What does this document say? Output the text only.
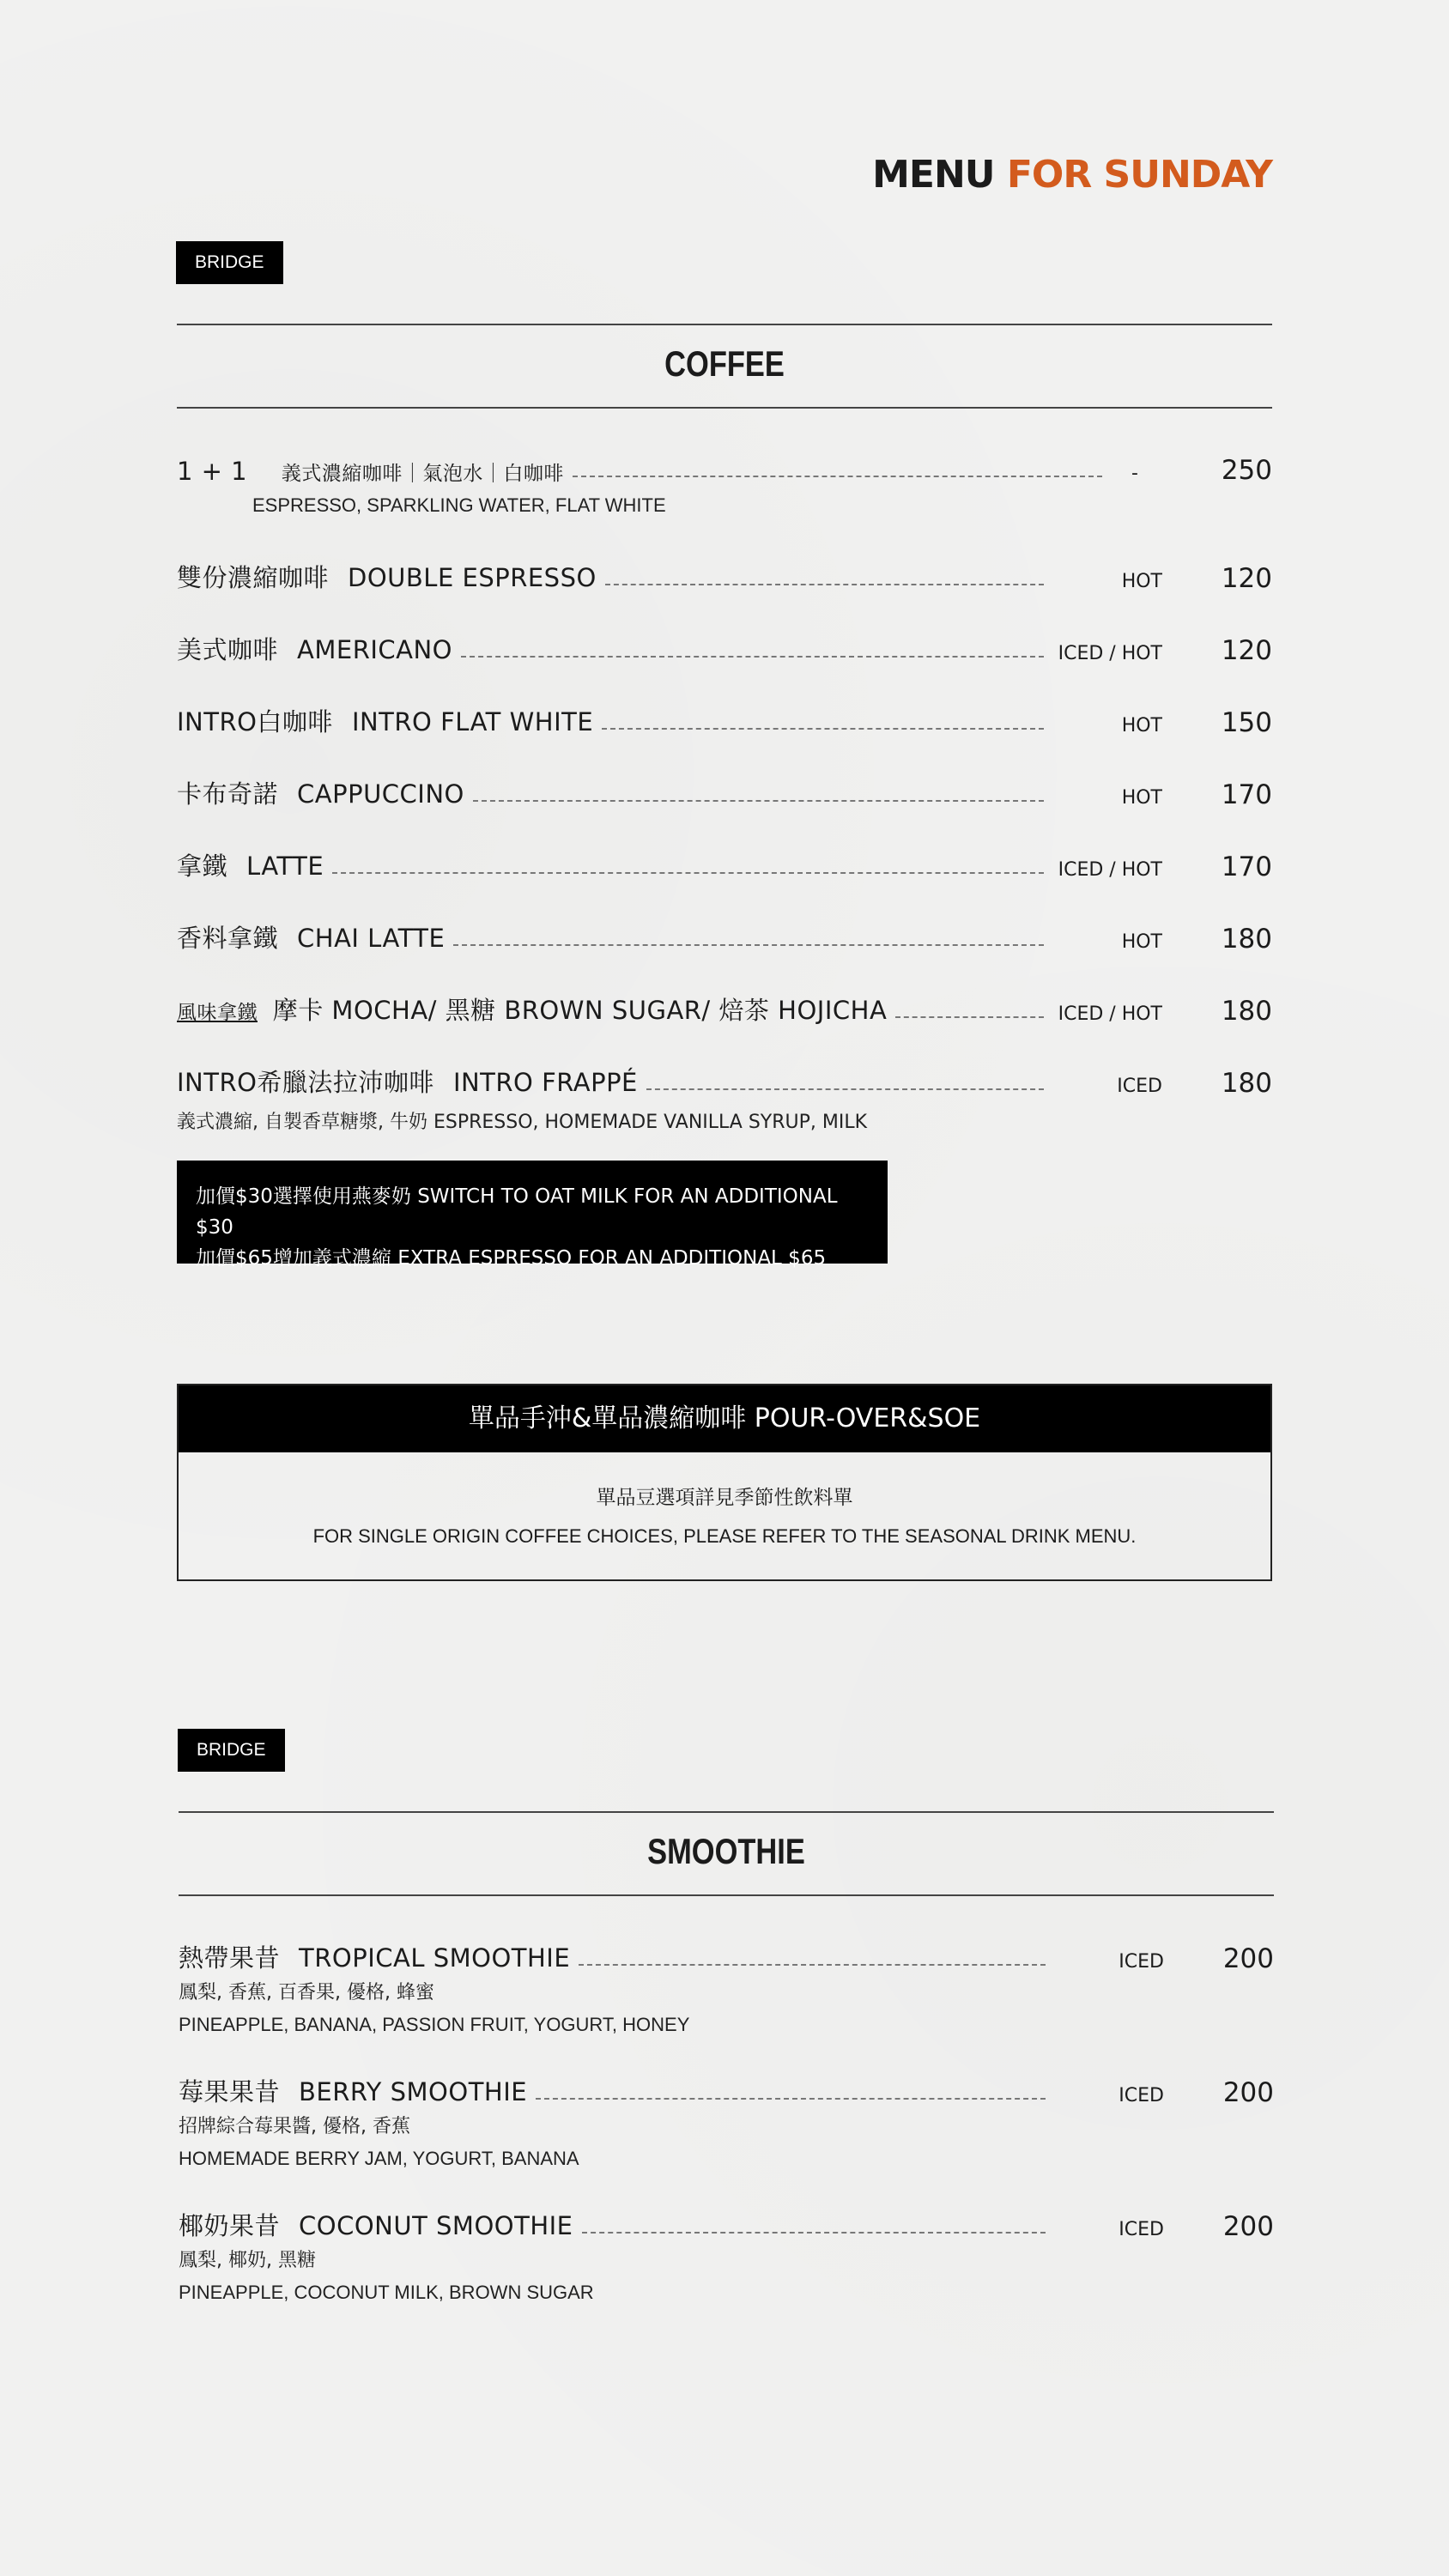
MENU FOR SUNDAY
BRIDGE
COFFEE
1 + 1 義式濃縮咖啡｜氣泡水｜白咖啡	-	250
ESPRESSO, SPARKLING WATER, FLAT WHITE
雙份濃縮咖啡 DOUBLE ESPRESSO	HOT	120
美式咖啡 AMERICANO	ICED / HOT	120
INTRO白咖啡 INTRO FLAT WHITE	HOT	150
卡布奇諾 CAPPUCCINO	HOT	170
拿鐵 LATTE	ICED / HOT	170
香料拿鐵 CHAI LATTE	HOT	180
風味拿鐵 摩卡 MOCHA/ 黑糖 BROWN SUGAR/ 焙茶 HOJICHA	ICED / HOT	180
INTRO希臘法拉沛咖啡 INTRO FRAPPÉ	ICED	180
義式濃縮, 自製香草糖漿, 牛奶 ESPRESSO, HOMEMADE VANILLA SYRUP, MILK
加價$30選擇使用燕麥奶 SWITCH TO OAT MILK FOR AN ADDITIONAL $30
加價$65增加義式濃縮 EXTRA ESPRESSO FOR AN ADDITIONAL $65
單品手沖&單品濃縮咖啡 POUR-OVER&SOE
單品豆選項詳見季節性飲料單
FOR SINGLE ORIGIN COFFEE CHOICES, PLEASE REFER TO THE SEASONAL DRINK MENU.
BRIDGE
SMOOTHIE
熱帶果昔 TROPICAL SMOOTHIE	ICED	200
鳳梨, 香蕉, 百香果, 優格, 蜂蜜
PINEAPPLE, BANANA, PASSION FRUIT, YOGURT, HONEY
莓果果昔 BERRY SMOOTHIE	ICED	200
招牌綜合莓果醬, 優格, 香蕉
HOMEMADE BERRY JAM, YOGURT, BANANA
椰奶果昔 COCONUT SMOOTHIE	ICED	200
鳳梨, 椰奶, 黑糖
PINEAPPLE, COCONUT MILK, BROWN SUGAR
